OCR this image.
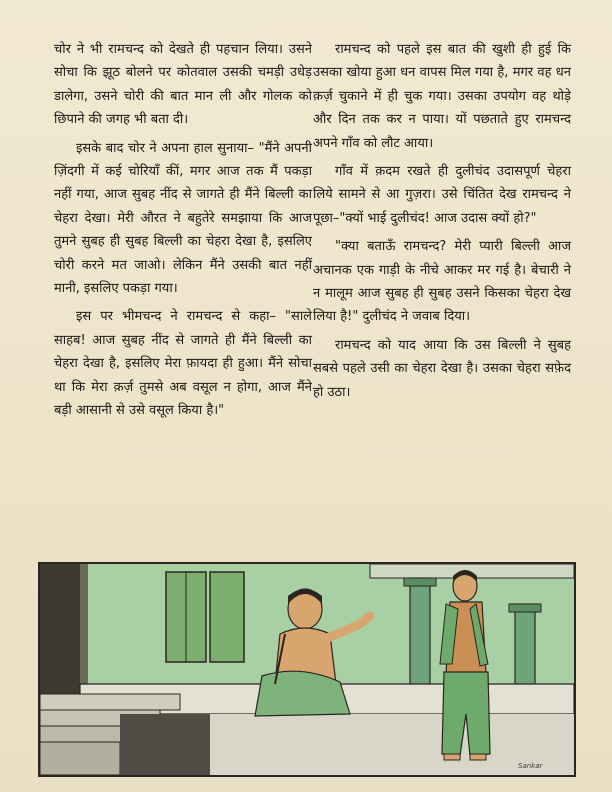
चोर ने भी रामचन्द को देखते ही पहचान लिया। उसने सोचा कि झूठ बोलने पर कोतवाल उसकी चमड़ी उधेड़ डालेगा, उसने चोरी की बात मान ली और गोलक को छिपाने की जगह भी बता दी।

इसके बाद चोर ने अपना हाल सुनाया– "मैंने अपनी ज़िंदगी में कई चोरियाँ कीं, मगर आज तक मैं पकड़ा नहीं गया, आज सुबह नींद से जागते ही मैंने बिल्ली का चेहरा देखा। मेरी औरत ने बहुतेरे समझाया कि आज तुमने सुबह ही सुबह बिल्ली का चेहरा देखा है, इसलिए चोरी करने मत जाओ। लेकिन मैंने उसकी बात नहीं मानी, इसलिए पकड़ा गया।

इस पर भीमचन्द ने रामचन्द से कहा– "साले साहब! आज सुबह नींद से जागते ही मैंने बिल्ली का चेहरा देखा है, इसलिए मेरा फ़ायदा ही हुआ। मैंने सोचा था कि मेरा क़र्ज़ तुमसे अब वसूल न होगा, आज मैंने बड़ी आसानी से उसे वसूल किया है।"

रामचन्द को पहले इस बात की खुशी ही हुई कि उसका खोया हुआ धन वापस मिल गया है, मगर वह धन क़र्ज़ चुकाने में ही चुक गया। उसका उपयोग वह थोड़े और दिन तक कर न पाया। यों पछताते हुए रामचन्द अपने गाँव को लौट आया।

गाँव में क़दम रखते ही दुलीचंद उदासपूर्ण चेहरा लिये सामने से आ गुज़रा। उसे चिंतित देख रामचन्द ने पूछा–"क्यों भाई दुलीचंद! आज उदास क्यों हो?"

"क्या बताऊँ रामचन्द? मेरी प्यारी बिल्ली आज अचानक एक गाड़ी के नीचे आकर मर गई है। बेचारी ने न मालूम आज सुबह ही सुबह उसने किसका चेहरा देख लिया है!" दुलीचंद ने जवाब दिया।

रामचन्द को याद आया कि उस बिल्ली ने सुबह सबसे पहले उसी का चेहरा देखा है। उसका चेहरा सफ़ेद हो उठा।

Sankar
